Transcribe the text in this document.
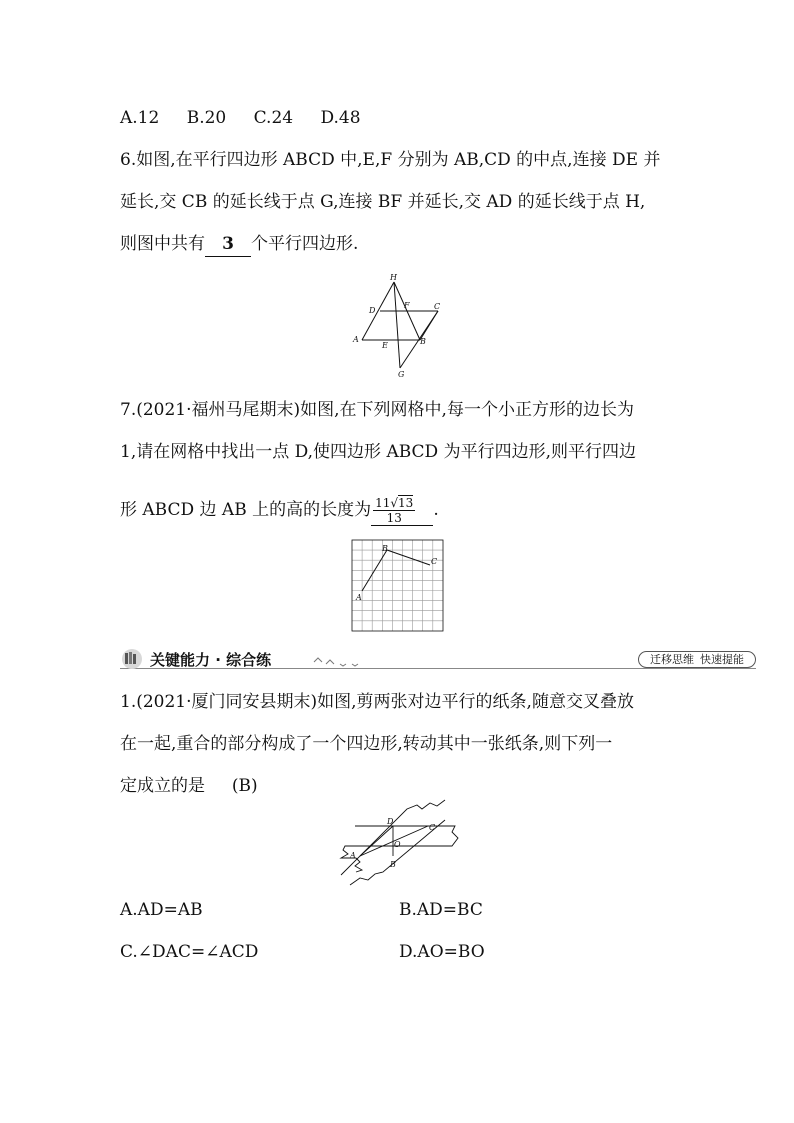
A.12 B.20 C.24 D.48
6.如图,在平行四边形 ABCD 中,E,F 分别为 AB,CD 的中点,连接 DE 并
延长,交 CB 的延长线于点 G,连接 BF 并延长,交 AD 的延长线于点 H,
则图中共有 3 个平行四边形.
H
D
F	C
A
E	B
G
7.(2021·福州马尾期末)如图,在下列网格中,每一个小正方形的边长为
1,请在网格中找出一点 D,使四边形 ABCD 为平行四边形,则平行四边
形 ABCD 边 AB 上的高的长度为 $\frac{11√13}{13}$ .
A
B
C
关键能力 · 综合练	迁移思维 快速提能
1.(2021·厦门同安县期末)如图,剪两张对边平行的纸条,随意交叉叠放
在一起,重合的部分构成了一个四边形,转动其中一张纸条,则下列一
定成立的是 (B)
A
D
C
O
B
A.AD=AB	B.AD=BC
C.∠DAC=∠ACD	D.AO=BO
